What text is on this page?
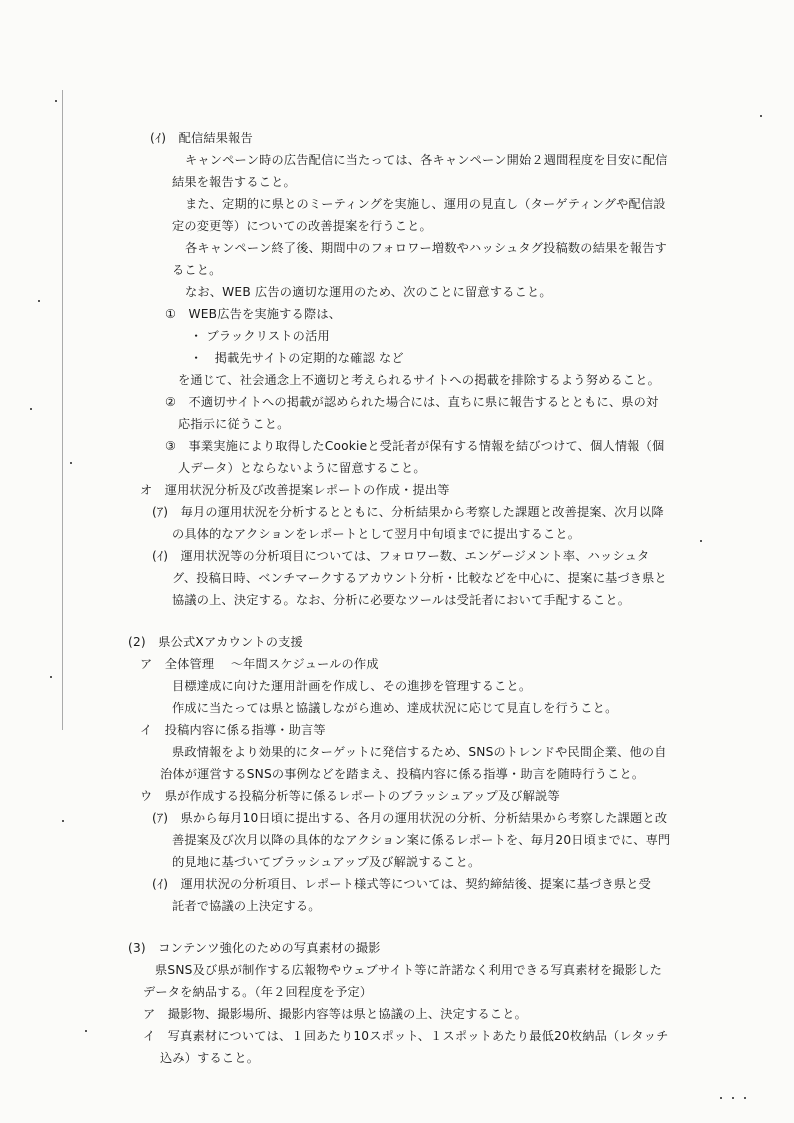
(ｲ)　配信結果報告
キャンペーン時の広告配信に当たっては、各キャンペーン開始２週間程度を目安に配信
結果を報告すること。
また、定期的に県とのミーティングを実施し、運用の見直し（ターゲティングや配信設
定の変更等）についての改善提案を行うこと。
各キャンペーン終了後、期間中のフォロワー増数やハッシュタグ投稿数の結果を報告す
ること。
なお、WEB 広告の適切な運用のため、次のことに留意すること。
①　WEB広告を実施する際は、
・ ブラックリストの活用
・　掲載先サイトの定期的な確認 など
を通じて、社会通念上不適切と考えられるサイトへの掲載を排除するよう努めること。
②　不適切サイトへの掲載が認められた場合には、直ちに県に報告するとともに、県の対
応指示に従うこと。
③　事業実施により取得したCookieと受託者が保有する情報を結びつけて、個人情報（個
人データ）とならないように留意すること。
オ　運用状況分析及び改善提案レポートの作成・提出等
(ｱ)　毎月の運用状況を分析するとともに、分析結果から考察した課題と改善提案、次月以降
の具体的なアクションをレポートとして翌月中旬頃までに提出すること。
(ｲ)　運用状況等の分析項目については、フォロワー数、エンゲージメント率、ハッシュタ
グ、投稿日時、ベンチマークするアカウント分析・比較などを中心に、提案に基づき県と
協議の上、決定する。なお、分析に必要なツールは受託者において手配すること。
(2)　県公式Xアカウントの支援
ア　全体管理 　～年間スケジュールの作成
目標達成に向けた運用計画を作成し、その進捗を管理すること。
作成に当たっては県と協議しながら進め、達成状況に応じて見直しを行うこと。
イ　投稿内容に係る指導・助言等
県政情報をより効果的にターゲットに発信するため、SNSのトレンドや民間企業、他の自
治体が運営するSNSの事例などを踏まえ、投稿内容に係る指導・助言を随時行うこと。
ウ　県が作成する投稿分析等に係るレポートのブラッシュアップ及び解説等
(ｱ)　県から毎月10日頃に提出する、各月の運用状況の分析、分析結果から考察した課題と改
善提案及び次月以降の具体的なアクション案に係るレポートを、毎月20日頃までに、専門
的見地に基づいてブラッシュアップ及び解説すること。
(ｲ)　運用状況の分析項目、レポート様式等については、契約締結後、提案に基づき県と受
託者で協議の上決定する。
(3)　コンテンツ強化のための写真素材の撮影
県SNS及び県が制作する広報物やウェブサイト等に許諾なく利用できる写真素材を撮影した
データを納品する。（年２回程度を予定）
ア　撮影物、撮影場所、撮影内容等は県と協議の上、決定すること。
イ　写真素材については、１回あたり10スポット、１スポットあたり最低20枚納品（レタッチ
込み）すること。
